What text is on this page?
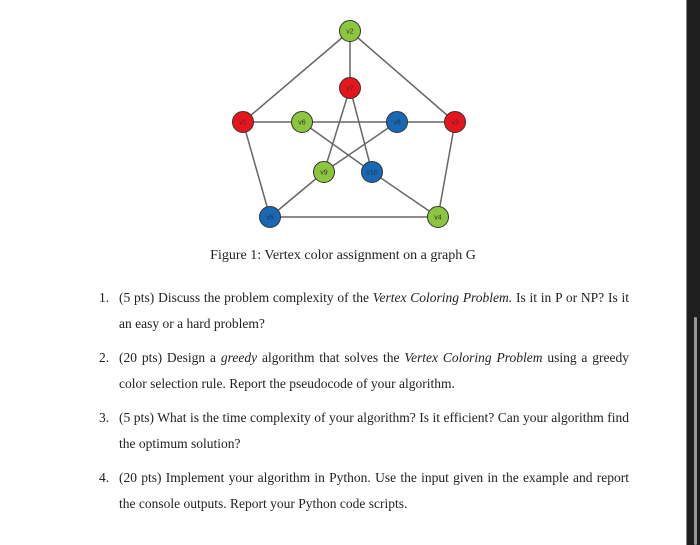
v2
v7
v1	v6	v8	v3
v9	v10
v5	v4
Figure 1: Vertex color assignment on a graph G
1. (5 pts) Discuss the problem complexity of the Vertex Coloring Problem. Is it in P or NP? Is it an easy or a hard problem?
2. (20 pts) Design a greedy algorithm that solves the Vertex Coloring Problem using a greedy color selection rule. Report the pseudocode of your algorithm.
3. (5 pts) What is the time complexity of your algorithm? Is it efficient? Can your algorithm find the optimum solution?
4. (20 pts) Implement your algorithm in Python. Use the input given in the example and report the console outputs. Report your Python code scripts.
